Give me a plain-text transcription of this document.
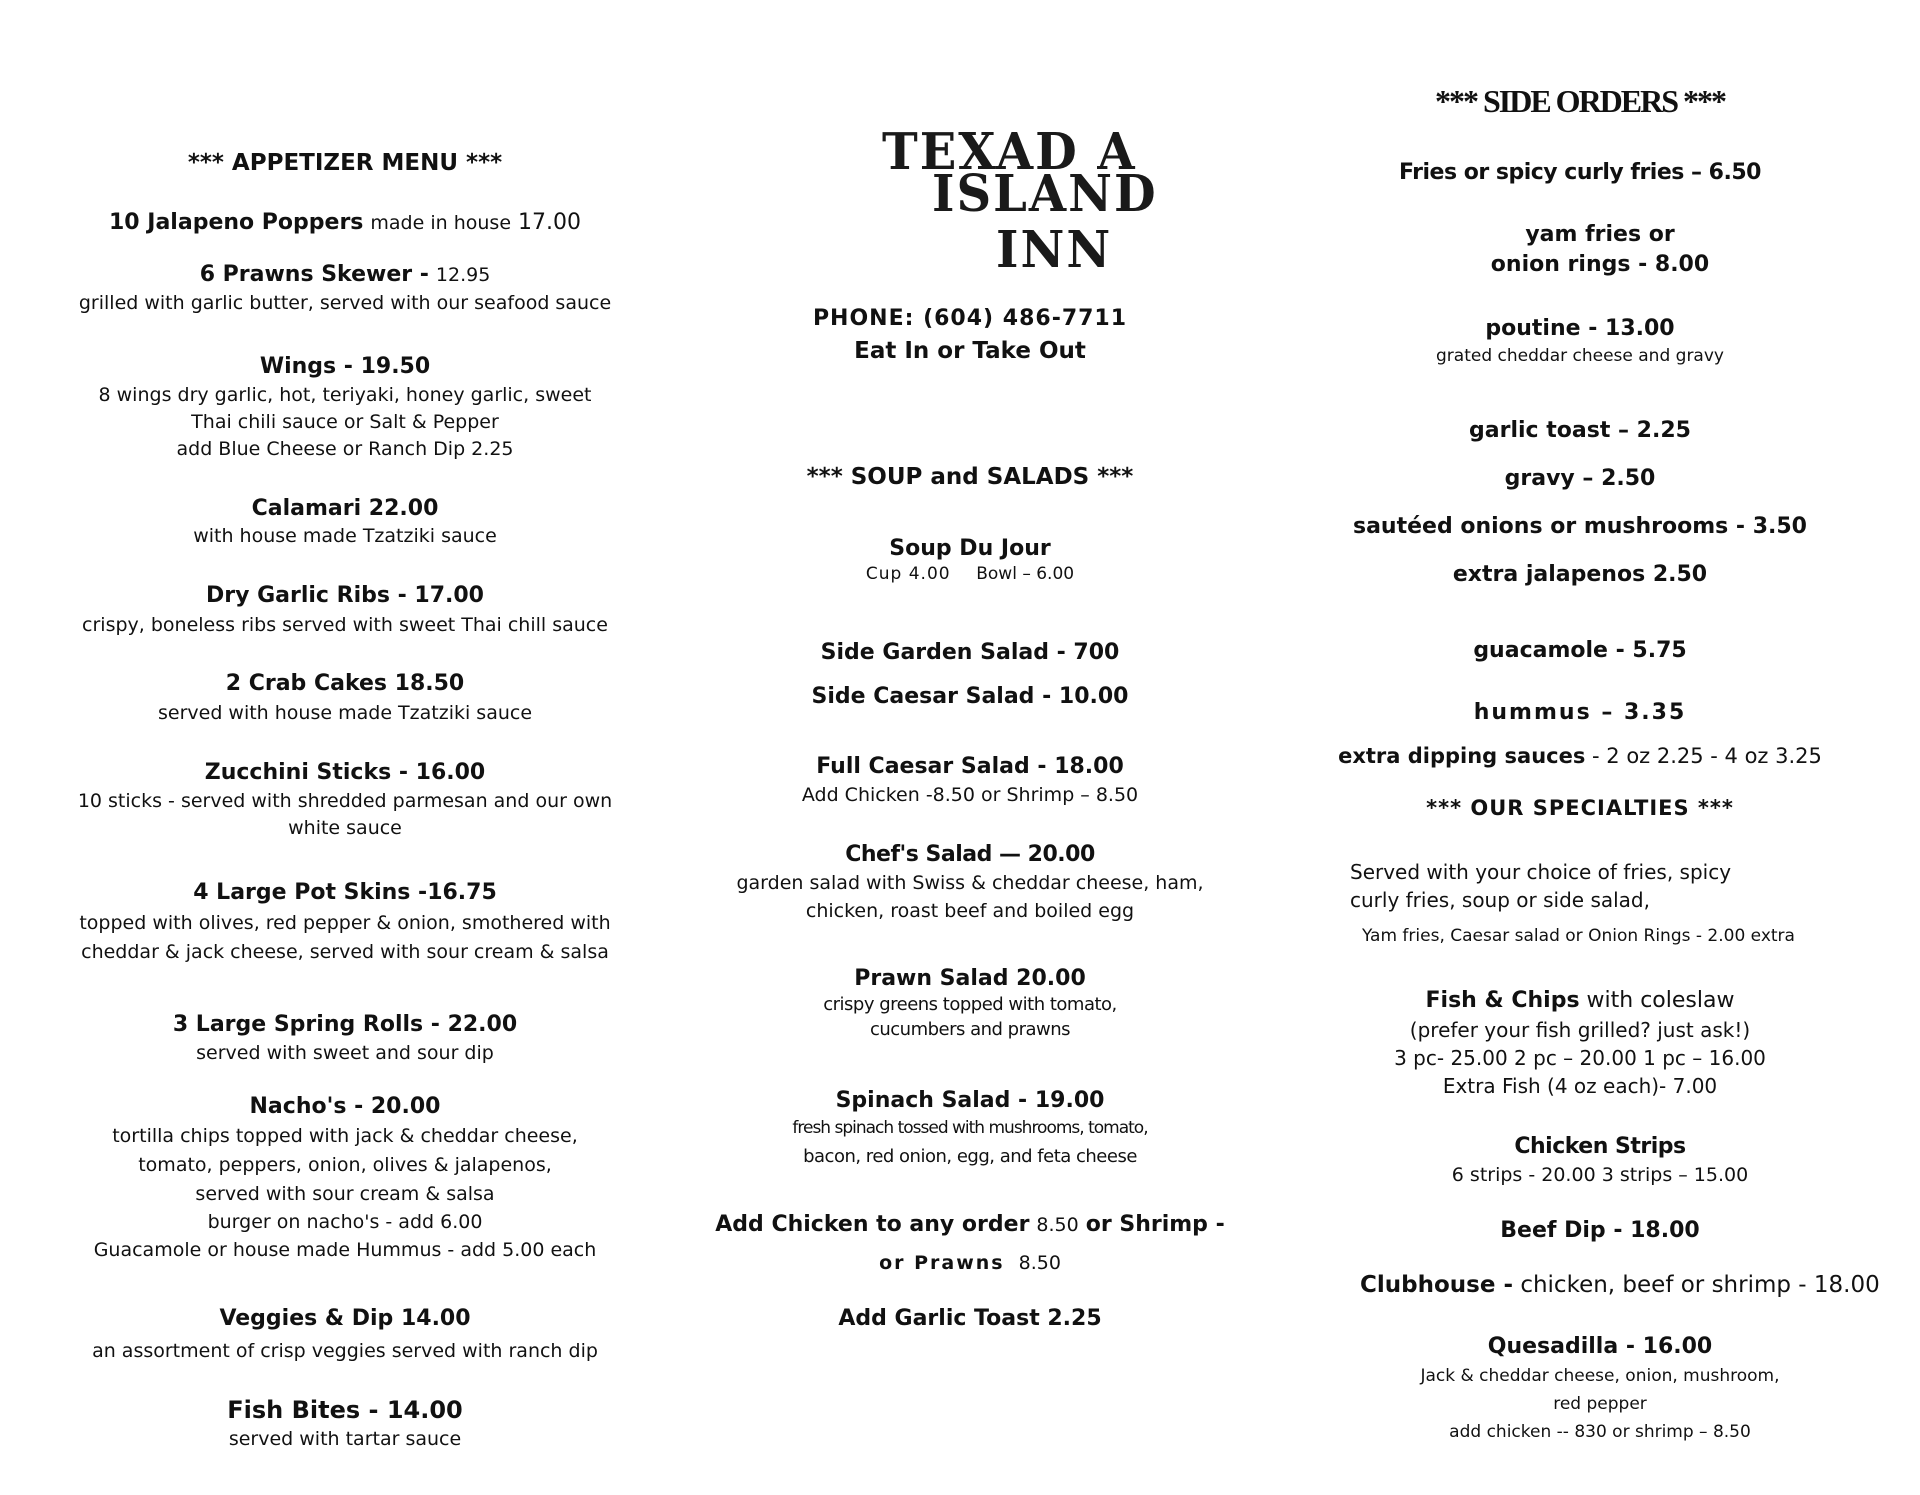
*** APPETIZER MENU ***
10 Jalapeno Poppers made in house 17.00
6 Prawns Skewer - 12.95
grilled with garlic butter, served with our seafood sauce
Wings - 19.50
8 wings dry garlic, hot, teriyaki, honey garlic, sweet
Thai chili sauce or Salt & Pepper
add Blue Cheese or Ranch Dip 2.25
Calamari 22.00
with house made Tzatziki sauce
Dry Garlic Ribs - 17.00
crispy, boneless ribs served with sweet Thai chill sauce
2 Crab Cakes 18.50
served with house made Tzatziki sauce
Zucchini Sticks - 16.00
10 sticks - served with shredded parmesan and our own
white sauce
4 Large Pot Skins -16.75
topped with olives, red pepper & onion, smothered with
cheddar & jack cheese, served with sour cream & salsa
3 Large Spring Rolls - 22.00
served with sweet and sour dip
Nacho's - 20.00
tortilla chips topped with jack & cheddar cheese,
tomato, peppers, onion, olives & jalapenos,
served with sour cream & salsa
burger on nacho's - add 6.00
Guacamole or house made Hummus - add 5.00 each
Veggies & Dip 14.00
an assortment of crisp veggies served with ranch dip
Fish Bites - 14.00
served with tartar sauce
TEXAD A
ISLAND
INN
PHONE: (604) 486-7711
Eat In or Take Out
*** SOUP and SALADS ***
Soup Du Jour
Cup 4.00 Bowl – 6.00
Side Garden Salad - 700
Side Caesar Salad - 10.00
Full Caesar Salad - 18.00
Add Chicken -8.50 or Shrimp – 8.50
Chef's Salad — 20.00
garden salad with Swiss & cheddar cheese, ham,
chicken, roast beef and boiled egg
Prawn Salad 20.00
crispy greens topped with tomato,
cucumbers and prawns
Spinach Salad - 19.00
fresh spinach tossed with mushrooms, tomato,
bacon, red onion, egg, and feta cheese
Add Chicken to any order 8.50 or Shrimp -
or Prawns 8.50
Add Garlic Toast 2.25
*** SIDE ORDERS ***
Fries or spicy curly fries – 6.50
yam fries or
onion rings - 8.00
poutine - 13.00
grated cheddar cheese and gravy
garlic toast – 2.25
gravy – 2.50
sautéed onions or mushrooms - 3.50
extra jalapenos 2.50
guacamole - 5.75
hummus – 3.35
extra dipping sauces - 2 oz 2.25 - 4 oz 3.25
*** OUR SPECIALTIES ***
Served with your choice of fries, spicy
curly fries, soup or side salad,
Yam fries, Caesar salad or Onion Rings - 2.00 extra
Fish & Chips with coleslaw
(prefer your fish grilled? just ask!)
3 pc- 25.00 2 pc – 20.00 1 pc – 16.00
Extra Fish (4 oz each)- 7.00
Chicken Strips
6 strips - 20.00 3 strips – 15.00
Beef Dip - 18.00
Clubhouse - chicken, beef or shrimp - 18.00
Quesadilla - 16.00
Jack & cheddar cheese, onion, mushroom,
red pepper
add chicken -- 830 or shrimp – 8.50
